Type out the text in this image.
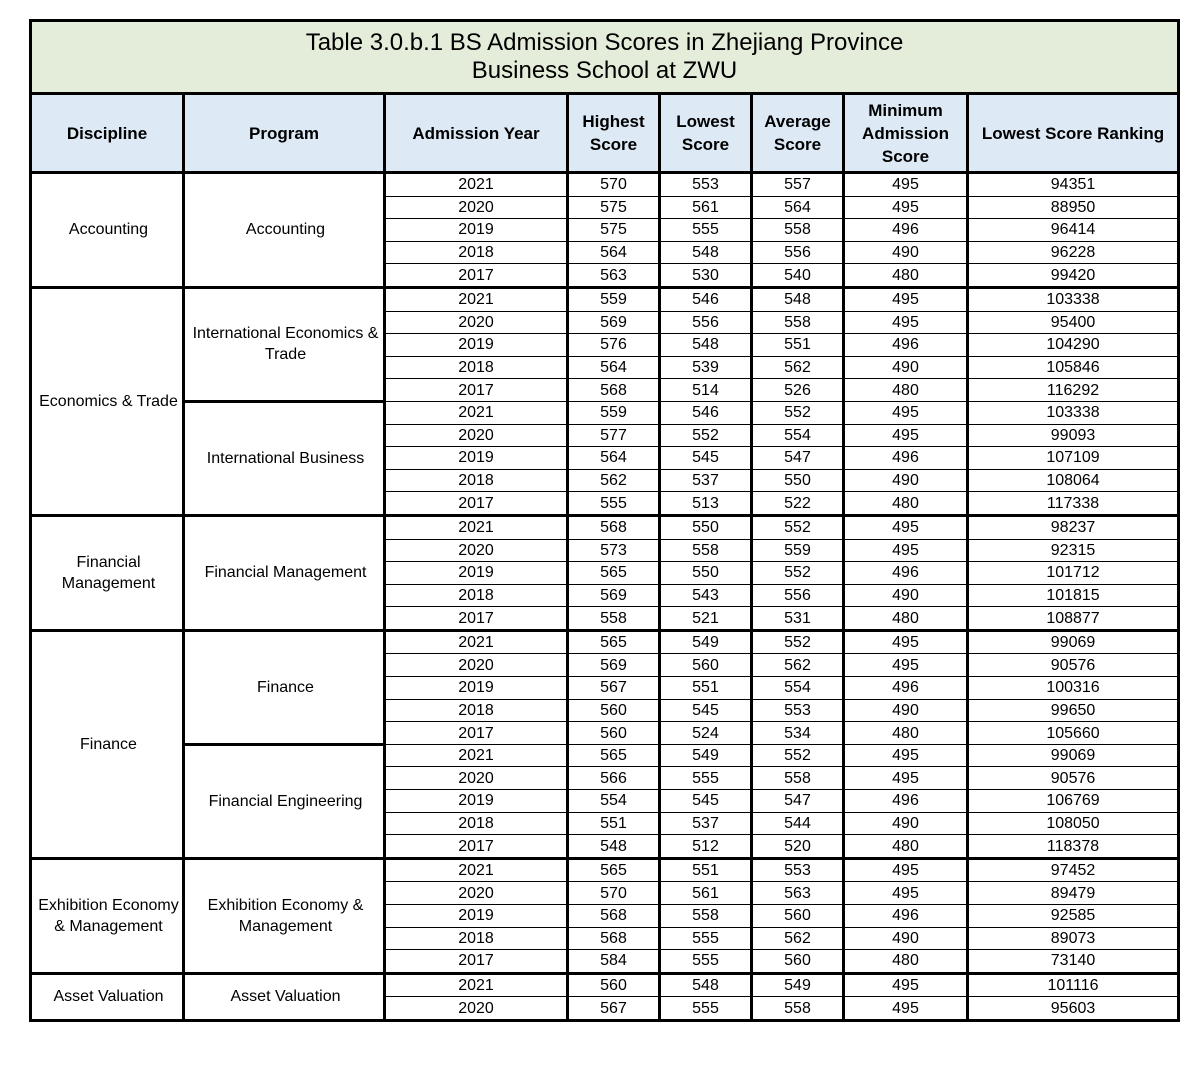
Table 3.0.b.1 BS Admission Scores in Zhejiang Province
Business School at ZWU							

Discipline	Program	Admission Year	Highest Score	Lowest Score	Average Score	Minimum Admission Score	Lowest Score Ranking
Accounting	Accounting	2021	570	553	557	495	94351
		2020	575	561	564	495	88950
		2019	575	555	558	496	96414
		2018	564	548	556	490	96228
		2017	563	530	540	480	99420
Economics & Trade	International Economics & Trade	2021	559	546	548	495	103338
		2020	569	556	558	495	95400
		2019	576	548	551	496	104290
		2018	564	539	562	490	105846
		2017	568	514	526	480	116292
	International Business	2021	559	546	552	495	103338
		2020	577	552	554	495	99093
		2019	564	545	547	496	107109
		2018	562	537	550	490	108064
		2017	555	513	522	480	117338
Financial Management	Financial Management	2021	568	550	552	495	98237
		2020	573	558	559	495	92315
		2019	565	550	552	496	101712
		2018	569	543	556	490	101815
		2017	558	521	531	480	108877
Finance	Finance	2021	565	549	552	495	99069
		2020	569	560	562	495	90576
		2019	567	551	554	496	100316
		2018	560	545	553	490	99650
		2017	560	524	534	480	105660
	Financial Engineering	2021	565	549	552	495	99069
		2020	566	555	558	495	90576
		2019	554	545	547	496	106769
		2018	551	537	544	490	108050
		2017	548	512	520	480	118378
Exhibition Economy & Management	Exhibition Economy & Management	2021	565	551	553	495	97452
		2020	570	561	563	495	89479
		2019	568	558	560	496	92585
		2018	568	555	562	490	89073
		2017	584	555	560	480	73140
Asset Valuation	Asset Valuation	2021	560	548	549	495	101116
		2020	567	555	558	495	95603
